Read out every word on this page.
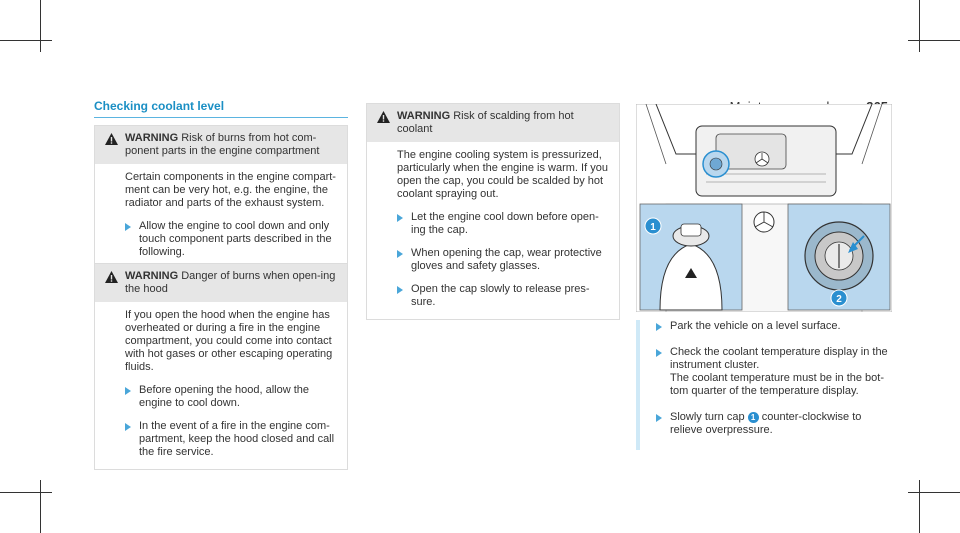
Checking coolant level
WARNING Risk of burns from hot com-ponent parts in the engine compartment
Certain components in the engine compart-ment can be very hot, e.g. the engine, the radiator and parts of the exhaust system.
Allow the engine to cool down and only touch component parts described in the following.
WARNING Danger of burns when open-ing the hood
If you open the hood when the engine has overheated or during a fire in the engine compartment, you could come into contact with hot gases or other escaping operating fluids.
Before opening the hood, allow the engine to cool down.
In the event of a fire in the engine com-partment, keep the hood closed and call the fire service.
WARNING Risk of scalding from hot coolant
The engine cooling system is pressurized, particularly when the engine is warm. If you open the cap, you could be scalded by hot coolant spraying out.
Let the engine cool down before open-ing the cap.
When opening the cap, wear protective gloves and safety glasses.
Open the cap slowly to release pres-sure.
1
2
Park the vehicle on a level surface.
Check the coolant temperature display in the instrument cluster.
The coolant temperature must be in the bot-tom quarter of the temperature display.
Slowly turn cap 1 counter-clockwise to relieve overpressure.
